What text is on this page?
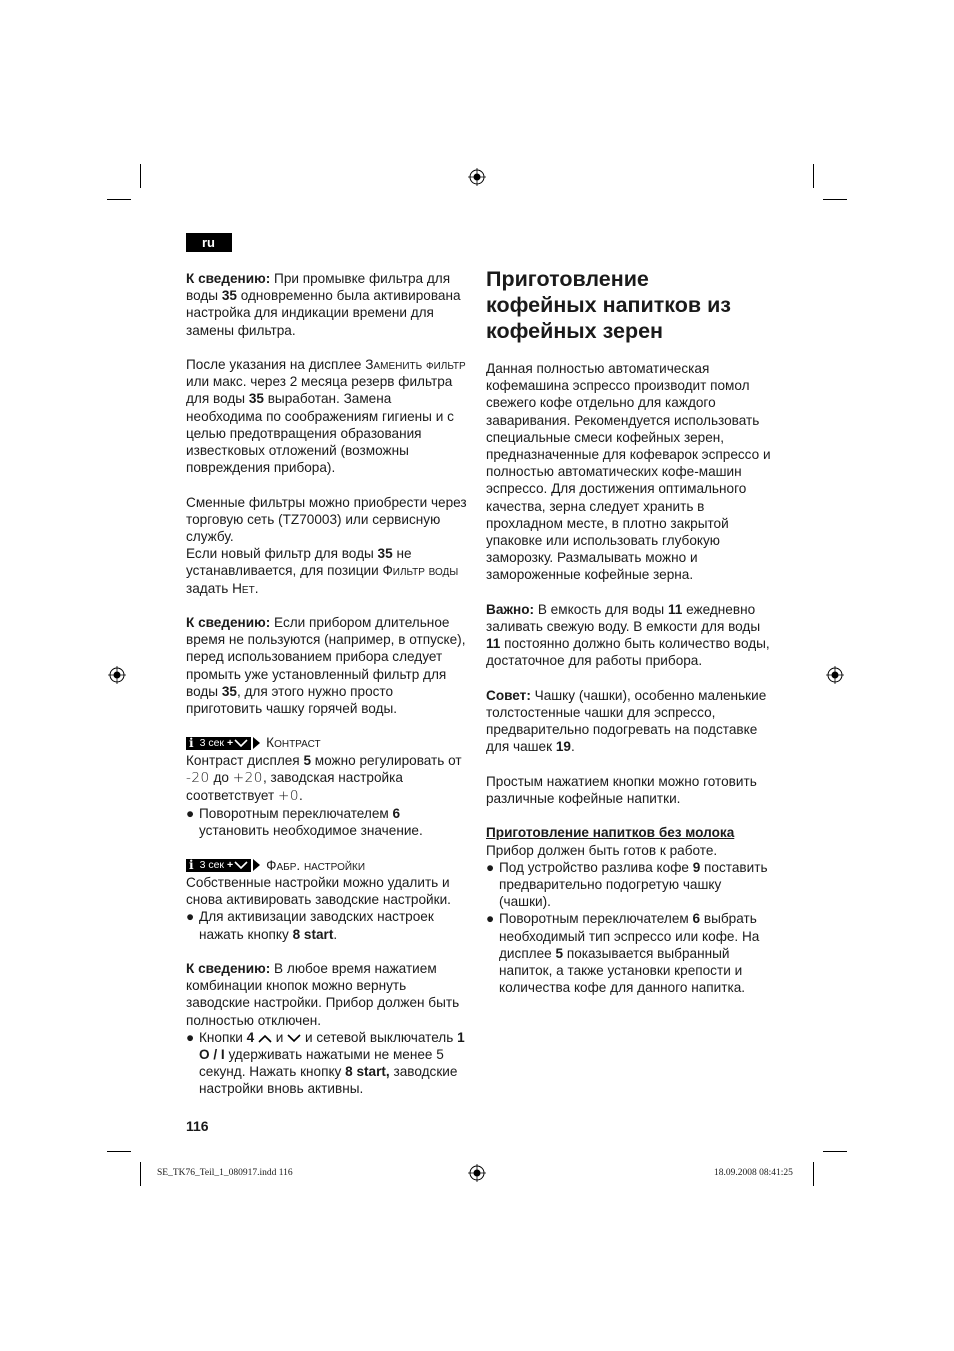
ru

К сведению: При промывке фильтра для воды 35 одновременно была активирована настройка для индикации времени для замены фильтра.

После указания на дисплее Заменить фильтр или макс. через 2 месяца резерв фильтра для воды 35 выработан. Замена необходима по соображениям гигиены и с целью предотвращения образования известковых отложений (возможны повреждения прибора).

Сменные фильтры можно приобрести через торговую сеть (TZ70003) или сервисную службу.

Если новый фильтр для воды 35 не устанавливается, для позиции Фильтр воды задать Нет.

К сведению: Если прибором длительное время не пользуются (например, в отпуске), перед использованием прибора следует промыть уже установленный фильтр для воды 35, для этого нужно просто приготовить чашку горячей воды.

i 3 сек + Контраст

Контраст дисплея 5 можно регулировать от -20 до +20, заводская настройка соответствует +0.

● Поворотным переключателем 6 установить необходимое значение.

i 3 сек + Фабр. настройки

Собственные настройки можно удалить и снова активировать заводские настройки.

● Для активизации заводских настроек нажать кнопку 8 start.

К сведению: В любое время нажатием комбинации кнопок можно вернуть заводские настройки. Прибор должен быть полностью отключен.

● Кнопки 4  и  и сетевой выключатель 1 O / I удерживать нажатыми не менее 5 секунд. Нажать кнопку 8 start, заводские настройки вновь активны.

Приготовление
кофейных напитков из
кофейных зерен

Данная полностью автоматическая кофемашина эспрессо производит помол свежего кофе отдельно для каждого заваривания. Рекомендуется использовать специальные смеси кофейных зерен, предназначенные для кофеварок эспрессо и полностью автоматических кофе-машин эспрессо. Для достижения оптимального качества, зерна следует хранить в прохладном месте, в плотно закрытой упаковке или использовать глубокую заморозку. Размалывать можно и замороженные кофейные зерна.

Важно: В емкость для воды 11 ежедневно заливать свежую воду. В емкости для воды 11 постоянно должно быть количество воды, достаточное для работы прибора.

Совет: Чашку (чашки), особенно маленькие толстостенные чашки для эспрессо, предварительно подогревать на подставке для чашек 19.

Простым нажатием кнопки можно готовить различные кофейные напитки.

Приготовление напитков без молока

Прибор должен быть готов к работе.

● Под устройство разлива кофе 9 поставить предварительно подогретую чашку (чашки).

● Поворотным переключателем 6 выбрать необходимый тип эспрессо или кофе. На дисплее 5 показывается выбранный напиток, а также установки крепости и количества кофе для данного напитка.

116
SE_TK76_Teil_1_080917.indd 116	18.09.2008 08:41:25
